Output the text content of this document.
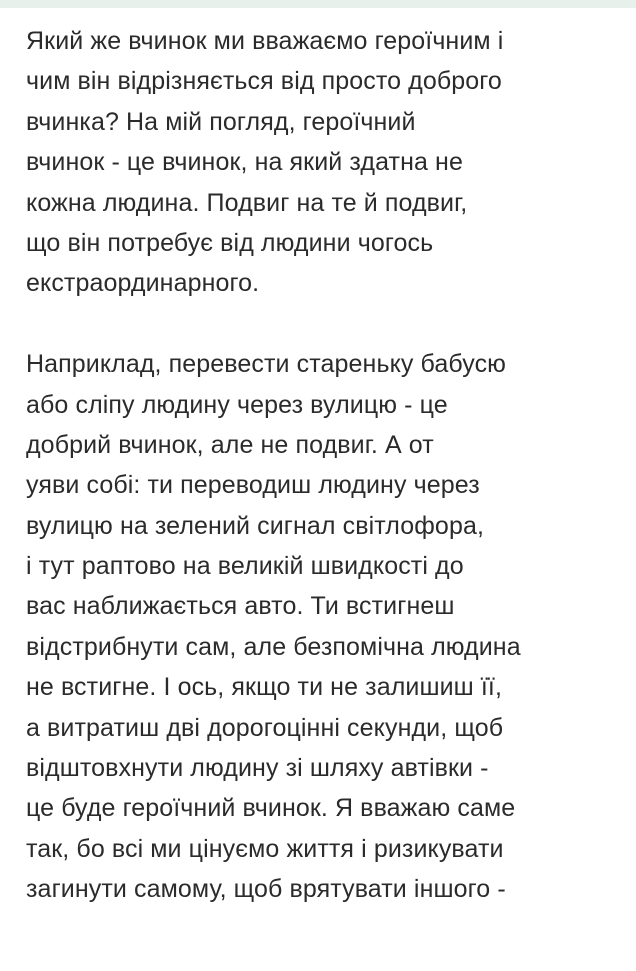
Який же вчинок ми вважаємо героїчним і
чим він відрізняється від просто доброго
вчинка? На мій погляд, героїчний
вчинок - це вчинок, на який здатна не
кожна людина. Подвиг на те й подвиг,
що він потребує від людини чогось
екстраординарного.
Наприклад, перевести стареньку бабусю
або сліпу людину через вулицю - це
добрий вчинок, але не подвиг. А от
уяви собі: ти переводиш людину через
вулицю на зелений сигнал світлофора,
і тут раптово на великій швидкості до
вас наближається авто. Ти встигнеш
відстрибнути сам, але безпомічна людина
не встигне. І ось, якщо ти не залишиш її,
а витратиш дві дорогоцінні секунди, щоб
відштовхнути людину зі шляху автівки -
це буде героїчний вчинок. Я вважаю саме
так, бо всі ми цінуємо життя і ризикувати
загинути самому, щоб врятувати іншого -
